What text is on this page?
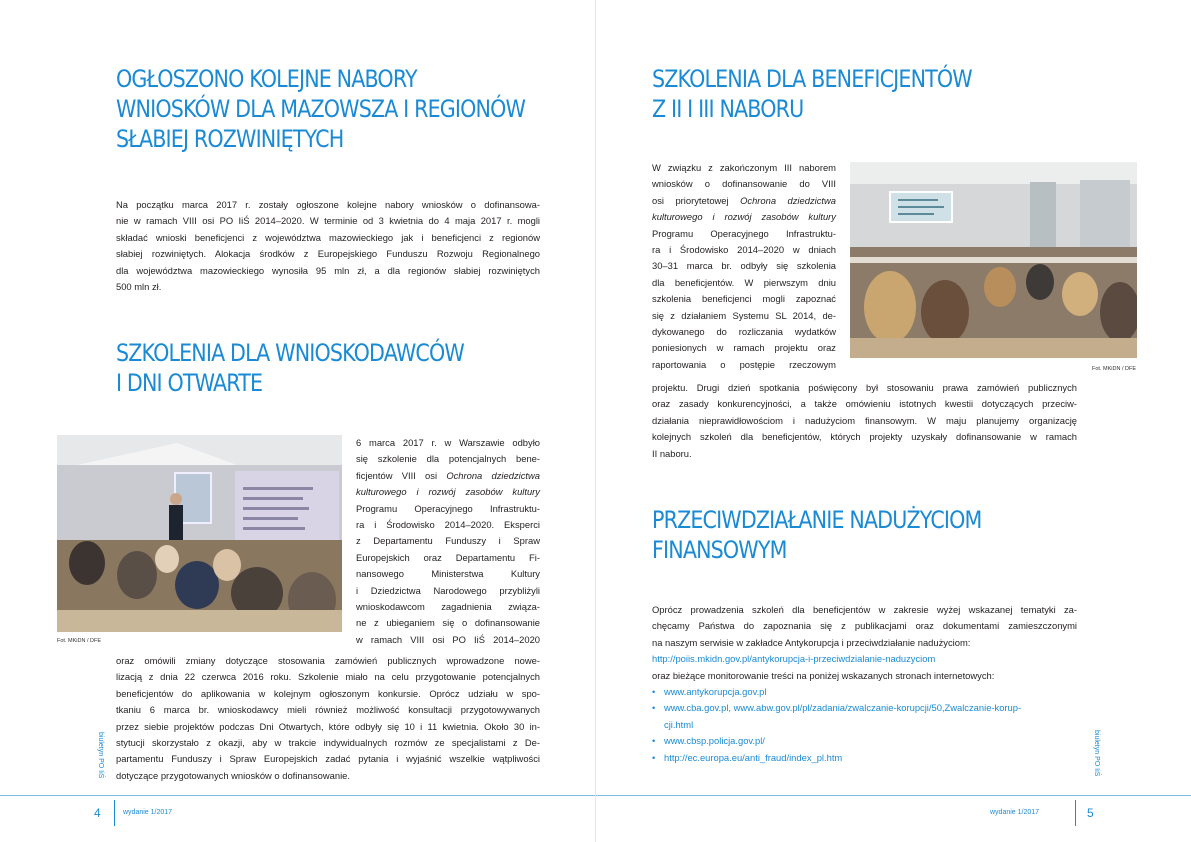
OGŁOSZONO KOLEJNE NABORY
WNIOSKÓW DLA MAZOWSZA I REGIONÓW
SŁABIEJ ROZWINIĘTYCH
Na początku marca 2017 r. zostały ogłoszone kolejne nabory wniosków o dofinansowa-
nie w ramach VIII osi PO IiŚ 2014–2020. W terminie od 3 kwietnia do 4 maja 2017 r. mogli
składać wnioski beneficjenci z województwa mazowieckiego jak i beneficjenci z regionów
słabiej rozwiniętych. Alokacja środków z Europejskiego Funduszu Rozwoju Regionalnego
dla województwa mazowieckiego wynosiła 95 mln zł, a dla regionów słabiej rozwiniętych
500 mln zł.
SZKOLENIA DLA WNIOSKODAWCÓW
I DNI OTWARTE
Fot. MKiDN / DFE
6 marca 2017 r. w Warszawie odbyło
się szkolenie dla potencjalnych bene-
ficjentów VIII osi Ochrona dziedzictwa
kulturowego i rozwój zasobów kultury
Programu Operacyjnego Infrastruktu-
ra i Środowisko 2014–2020. Eksperci
z Departamentu Funduszy i Spraw
Europejskich oraz Departamentu Fi-
nansowego Ministerstwa Kultury
i Dziedzictwa Narodowego przybliżyli
wnioskodawcom zagadnienia związa-
ne z ubieganiem się o dofinansowanie
w ramach VIII osi PO IiŚ 2014–2020
oraz omówili zmiany dotyczące stosowania zamówień publicznych wprowadzone nowe-
lizacją z dnia 22 czerwca 2016 roku. Szkolenie miało na celu przygotowanie potencjalnych
beneficjentów do aplikowania w kolejnym ogłoszonym konkursie. Oprócz udziału w spo-
tkaniu 6 marca br. wnioskodawcy mieli również możliwość konsultacji przygotowywanych
przez siebie projektów podczas Dni Otwartych, które odbyły się 10 i 11 kwietnia. Około 30 in-
stytucji skorzystało z okazji, aby w trakcie indywidualnych rozmów ze specjalistami z De-
partamentu Funduszy i Spraw Europejskich zadać pytania i wyjaśnić wszelkie wątpliwości
dotyczące przygotowanych wniosków o dofinansowanie.
biuletyn PO IiŚ
4	wydanie 1/2017
SZKOLENIA DLA BENEFICJENTÓW
Z II I III NABORU
W związku z zakończonym III naborem
wniosków o dofinansowanie do VIII
osi priorytetowej Ochrona dziedzictwa
kulturowego i rozwój zasobów kultury
Programu Operacyjnego Infrastruktu-
ra i Środowisko 2014–2020 w dniach
30–31 marca br. odbyły się szkolenia
dla beneficjentów. W pierwszym dniu
szkolenia beneficjenci mogli zapoznać
się z działaniem Systemu SL 2014, de-
dykowanego do rozliczania wydatków
poniesionych w ramach projektu oraz
raportowania o postępie rzeczowym	Fot. MKiDN / DFE
projektu. Drugi dzień spotkania poświęcony był stosowaniu prawa zamówień publicznych
oraz zasady konkurencyjności, a także omówieniu istotnych kwestii dotyczących przeciw-
działania nieprawidłowościom i nadużyciom finansowym. W maju planujemy organizację
kolejnych szkoleń dla beneficjentów, których projekty uzyskały dofinansowanie w ramach
II naboru.
PRZECIWDZIAŁANIE NADUŻYCIOM
FINANSOWYM
Oprócz prowadzenia szkoleń dla beneficjentów w zakresie wyżej wskazanej tematyki za-
chęcamy Państwa do zapoznania się z publikacjami oraz dokumentami zamieszczonymi
na naszym serwisie w zakładce Antykorupcja i przeciwdziałanie nadużyciom:
http://poiis.mkidn.gov.pl/antykorupcja-i-przeciwdzialanie-naduzyciom
oraz bieżące monitorowanie treści na poniżej wskazanych stronach internetowych:
• www.antykorupcja.gov.pl
• www.cba.gov.pl, www.abw.gov.pl/pl/zadania/zwalczanie-korupcji/50,Zwalczanie-korup-
cji.html
• www.cbsp.policja.gov.pl/
• http://ec.europa.eu/anti_fraud/index_pl.htm	biuletyn PO IiŚ
wydanie 1/2017	5
